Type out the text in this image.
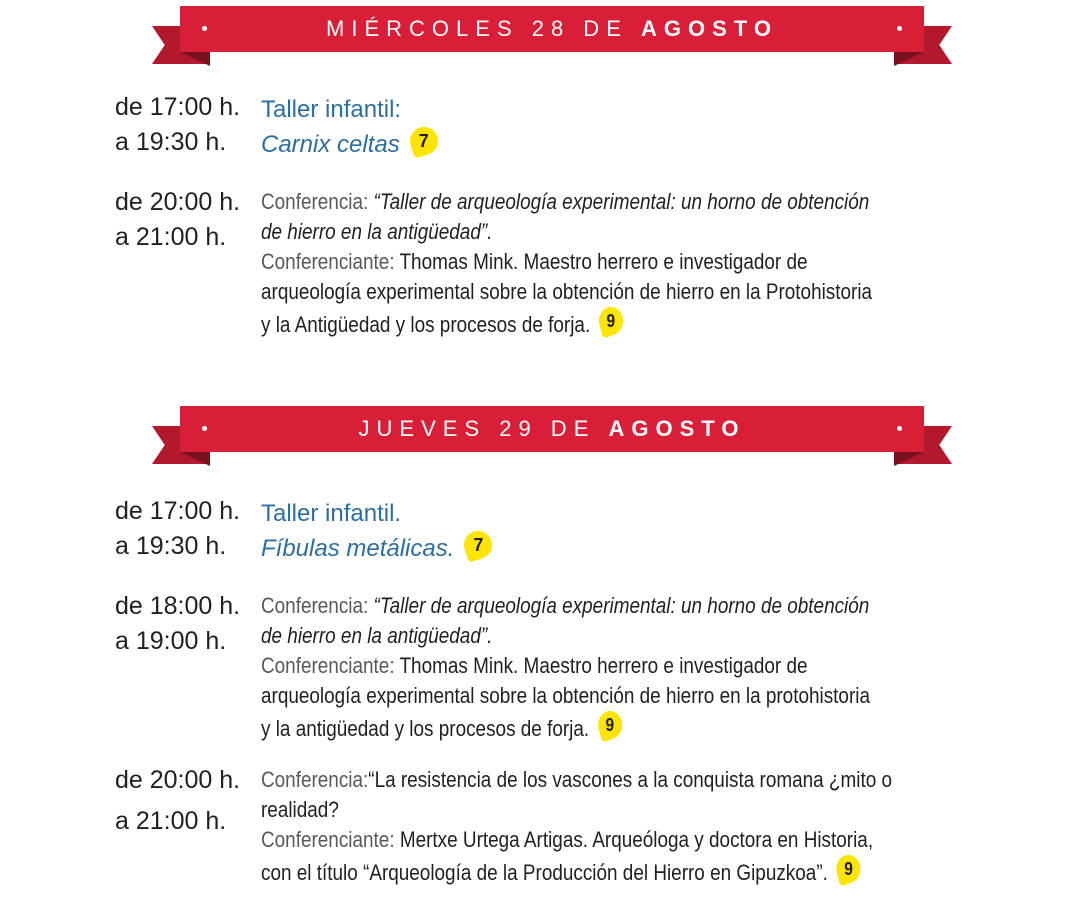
MIÉRCOLES 28 DE AGOSTO
de 17:00 h.
a 19:30 h.
Taller infantil:
Carnix celtas	7
de 20:00 h.
a 21:00 h.
Conferencia: “Taller de arqueología experimental: un horno de obtención
de hierro en la antigüedad”.
Conferenciante: Thomas Mink. Maestro herrero e investigador de
arqueología experimental sobre la obtención de hierro en la Protohistoria
y la Antigüedad y los procesos de forja. 9
JUEVES 29 DE AGOSTO
de 17:00 h.
a 19:30 h.
Taller infantil.
Fíbulas metálicas.	7
de 18:00 h.
a 19:00 h.
Conferencia: “Taller de arqueología experimental: un horno de obtención
de hierro en la antigüedad”.
Conferenciante: Thomas Mink. Maestro herrero e investigador de
arqueología experimental sobre la obtención de hierro en la protohistoria
y la antigüedad y los procesos de forja. 9
de 20:00 h.
a 21:00 h.
Conferencia:“La resistencia de los vascones a la conquista romana ¿mito o
realidad?
Conferenciante: Mertxe Urtega Artigas. Arqueóloga y doctora en Historia,
con el título “Arqueología de la Producción del Hierro en Gipuzkoa”. 9
